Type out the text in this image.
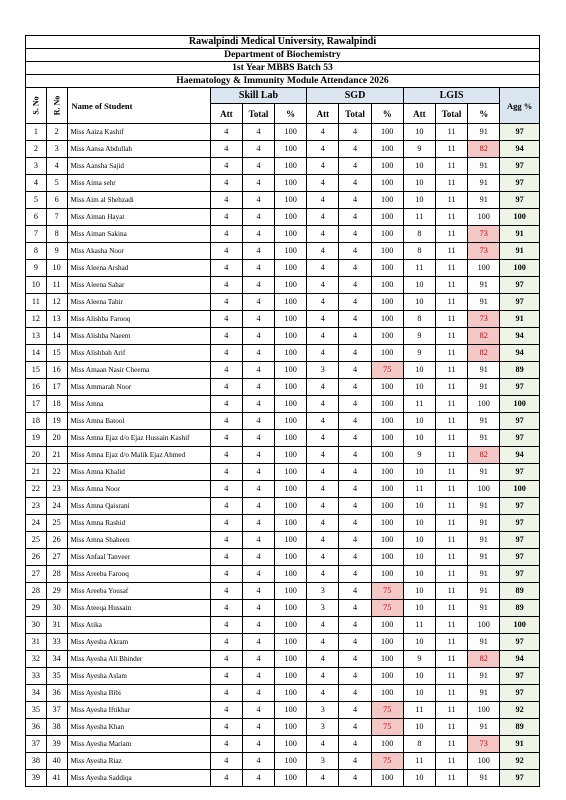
Rawalpindi Medical University, Rawalpindi												
Department of Biochemistry												
1st Year MBBS Batch 53												
Haematology & Immunity Module Attendance 2026												
S. No	R. No	Name of Student	Skill Lab			SGD			LGIS			Agg %
			Att	Total	%	Att	Total	%	Att	Total	%	
1	2	Miss Aaiza Kashif	4	4	100	4	4	100	10	11	91	97
2	3	Miss Aansa Abdullah	4	4	100	4	4	100	9	11	82	94
3	4	Miss Aansha Sajid	4	4	100	4	4	100	10	11	91	97
4	5	Miss Aima sehr	4	4	100	4	4	100	10	11	91	97
5	6	Miss Aim al Shehzadi	4	4	100	4	4	100	10	11	91	97
6	7	Miss Aiman Hayat	4	4	100	4	4	100	11	11	100	100
7	8	Miss Aiman Sakina	4	4	100	4	4	100	8	11	73	91
8	9	Miss Akasha Noor	4	4	100	4	4	100	8	11	73	91
9	10	Miss Aleena Arshad	4	4	100	4	4	100	11	11	100	100
10	11	Miss Aleena Sahar	4	4	100	4	4	100	10	11	91	97
11	12	Miss Aleena Tahir	4	4	100	4	4	100	10	11	91	97
12	13	Miss Alishba Farooq	4	4	100	4	4	100	8	11	73	91
13	14	Miss Alishba Naeem	4	4	100	4	4	100	9	11	82	94
14	15	Miss Alishbah Arif	4	4	100	4	4	100	9	11	82	94
15	16	Miss Amaan Nasir Cheema	4	4	100	3	4	75	10	11	91	89
16	17	Miss Ammarah Noor	4	4	100	4	4	100	10	11	91	97
17	18	Miss Amna	4	4	100	4	4	100	11	11	100	100
18	19	Miss Amna Batool	4	4	100	4	4	100	10	11	91	97
19	20	Miss Amna Ejaz d/o Ejaz Hussain Kashif	4	4	100	4	4	100	10	11	91	97
20	21	Miss Amna Ejaz d/o Malik Ejaz Ahmed	4	4	100	4	4	100	9	11	82	94
21	22	Miss Amna Khalid	4	4	100	4	4	100	10	11	91	97
22	23	Miss Amna Noor	4	4	100	4	4	100	11	11	100	100
23	24	Miss Amna Qaisrani	4	4	100	4	4	100	10	11	91	97
24	25	Miss Amna Rashid	4	4	100	4	4	100	10	11	91	97
25	26	Miss Amna Shaheen	4	4	100	4	4	100	10	11	91	97
26	27	Miss Anfaal Tanveer	4	4	100	4	4	100	10	11	91	97
27	28	Miss Areeba Farooq	4	4	100	4	4	100	10	11	91	97
28	29	Miss Areeba Yousaf	4	4	100	3	4	75	10	11	91	89
29	30	Miss Ateeqa Hussain	4	4	100	3	4	75	10	11	91	89
30	31	Miss Atika	4	4	100	4	4	100	11	11	100	100
31	33	Miss Ayesha Akram	4	4	100	4	4	100	10	11	91	97
32	34	Miss Ayesha Ali Bhinder	4	4	100	4	4	100	9	11	82	94
33	35	Miss Ayesha Aslam	4	4	100	4	4	100	10	11	91	97
34	36	Miss Ayesha Bibi	4	4	100	4	4	100	10	11	91	97
35	37	Miss Ayesha Iftikhar	4	4	100	3	4	75	11	11	100	92
36	38	Miss Ayesha Khan	4	4	100	3	4	75	10	11	91	89
37	39	Miss Ayesha Mariam	4	4	100	4	4	100	8	11	73	91
38	40	Miss Ayesha Riaz	4	4	100	3	4	75	11	11	100	92
39	41	Miss Ayesha Saddiqa	4	4	100	4	4	100	10	11	91	97
